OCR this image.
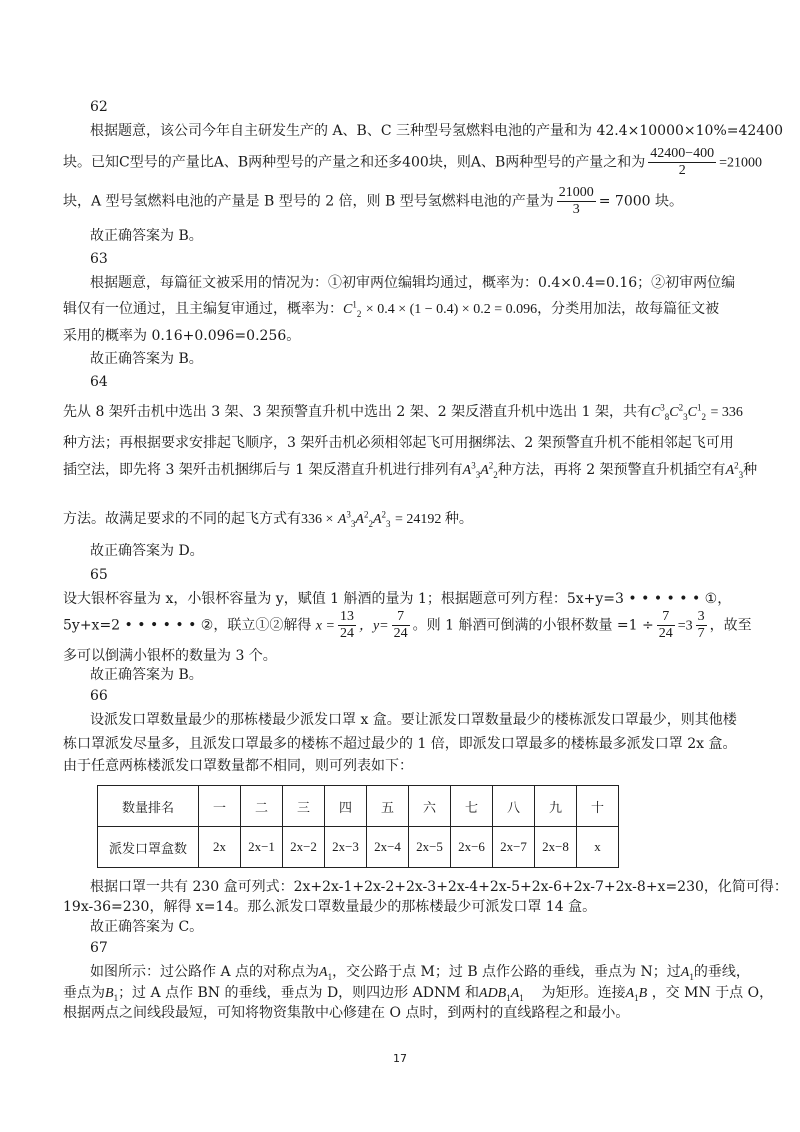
62
根据题意，该公司今年自主研发生产的 A、B、C 三种型号氢燃料电池的产量和为 42.4×10000×10%=42400
块。已知C型号的产量比A、B两种型号的产量之和还多400块，则A、B两种型号的产量之和为 $\frac{42400-400}{2} =21000$
块，A 型号氢燃料电池的产量是 B 型号的 2 倍，则 B 型号氢燃料电池的产量为 $\frac{21000}{3} = 7000$ 块。
故正确答案为 B。
63
根据题意，每篇征文被采用的情况为：①初审两位编辑均通过，概率为：0.4×0.4=0.16；②初审两位编
辑仅有一位通过，且主编复审通过，概率为：$C^1_2 \times 0.4 \times (1 - 0.4) \times 0.2 = 0.096$，分类用加法，故每篇征文被
采用的概率为 0.16+0.096=0.256。
故正确答案为 B。
64
先从 8 架歼击机中选出 3 架、3 架预警直升机中选出 2 架、2 架反潜直升机中选出 1 架，共有$C^3_8C^2_3C^1_2 = 336$
种方法；再根据要求安排起飞顺序，3 架歼击机必须相邻起飞可用捆绑法、2 架预警直升机不能相邻起飞可用
插空法，即先将 3 架歼击机捆绑后与 1 架反潜直升机进行排列有$A^3_3A^2_2$种方法，再将 2 架预警直升机插空有$A^2_3$种
方法。故满足要求的不同的起飞方式有$336 \times A^3_3A^2_2A^2_3 = 24192$ 种。
故正确答案为 D。
65
设大银杯容量为 x，小银杯容量为 y，赋值 1 斛酒的量为 1；根据题意可列方程：5x+y=3 • • • • • • ①，
5y+x=2 • • • • • • ②，联立①②解得 $x = \frac{13}{24}$ ，$y= \frac{7}{24}$ 。则 1 斛酒可倒满的小银杯数量 $=1 \div \frac{7}{24} =3 \frac{3}{7}$ ，故至
多可以倒满小银杯的数量为 3 个。
故正确答案为 B。
66
设派发口罩数量最少的那栋楼最少派发口罩 x 盒。要让派发口罩数量最少的楼栋派发口罩最少，则其他楼
栋口罩派发尽量多，且派发口罩最多的楼栋不超过最少的 1 倍，即派发口罩最多的楼栋最多派发口罩 2x 盒。
由于任意两栋楼派发口罩数量都不相同，则可列表如下：
数量排名	一	二	三	四	五	六	七	八	九	十
派发口罩盒数	2x	2x−1	2x−2	2x−3	2x−4	2x−5	2x−6	2x−7	2x−8	x
根据口罩一共有 230 盒可列式：2x+2x-1+2x-2+2x-3+2x-4+2x-5+2x-6+2x-7+2x-8+x=230，化简可得：
19x-36=230，解得 x=14。那么派发口罩数量最少的那栋楼最少可派发口罩 14 盒。
故正确答案为 C。
67
如图所示：过公路作 A 点的对称点为$A_1$，交公路于点 M；过 B 点作公路的垂线，垂点为 N；过$A_1$的垂线，
垂点为$B_1$；过 A 点作 BN 的垂线，垂点为 D，则四边形 ADNM 和$ADB_1A_1$ 为矩形。连接$A_1B$ ，交 MN 于点 O，
根据两点之间线段最短，可知将物资集散中心修建在 O 点时，到两村的直线路程之和最小。
17
